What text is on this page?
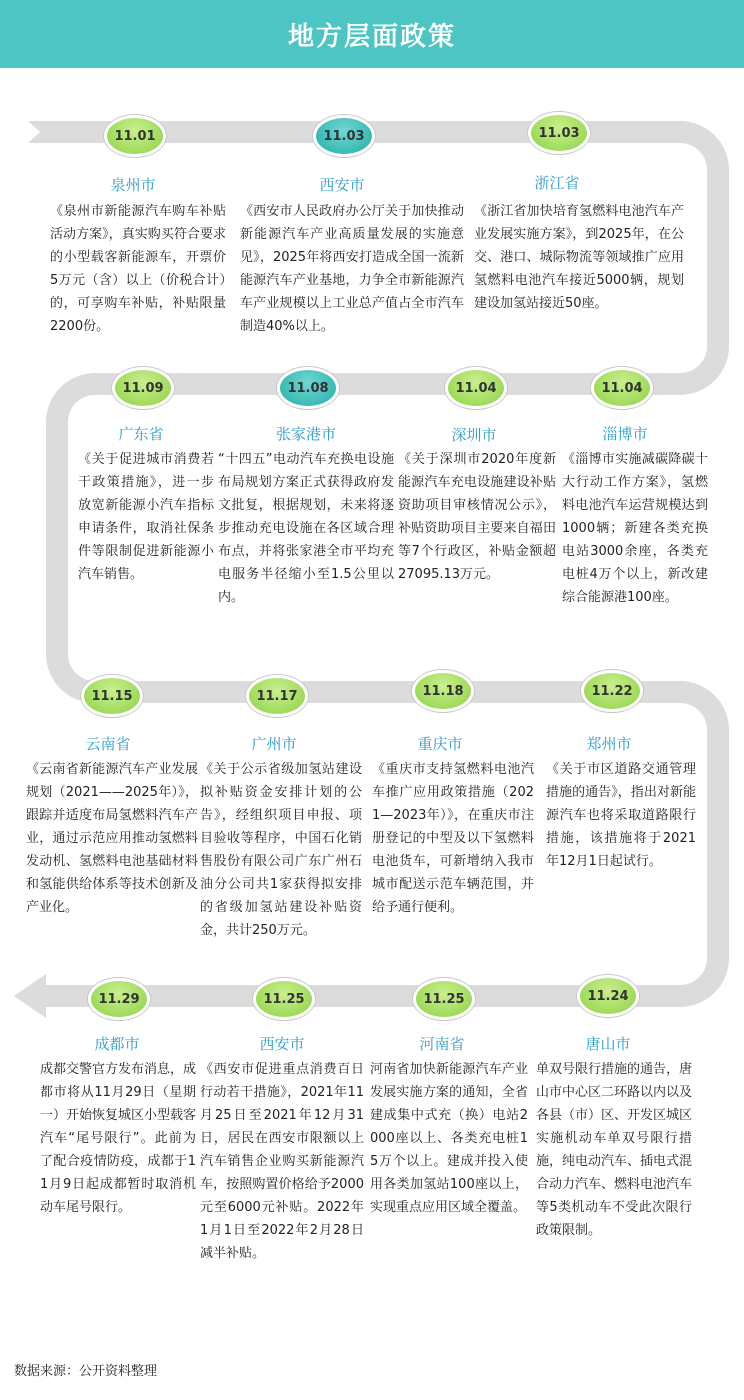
地方层面政策
11.01	11.03	11.03
泉州市	西安市	浙江省
《泉州市新能源汽车购车补贴活动方案》，真实购买符合要求的小型载客新能源车，开票价5万元（含）以上（价税合计）的，可享购车补贴，补贴限量2200份。
《西安市人民政府办公厅关于加快推动新能源汽车产业高质量发展的实施意见》，2025年将西安打造成全国一流新能源汽车产业基地，力争全市新能源汽车产业规模以上工业总产值占全市汽车制造40%以上。
《浙江省加快培育氢燃料电池汽车产业发展实施方案》，到2025年，在公交、港口、城际物流等领域推广应用氢燃料电池汽车接近5000辆，规划建设加氢站接近50座。
11.09	11.08	11.04	11.04
广东省	张家港市	深圳市	淄博市
《关于促进城市消费若干政策措施》，进一步放宽新能源小汽车指标申请条件，取消社保条件等限制促进新能源小汽车销售。
“十四五”电动汽车充换电设施布局规划方案正式获得政府发文批复，根据规划，未来将逐步推动充电设施在各区域合理布点，并将张家港全市平均充电服务半径缩小至1.5公里以内。
《关于深圳市2020年度新能源汽车充电设施建设补贴资助项目审核情况公示》，补贴资助项目主要来自福田等7个行政区，补贴金额超27095.13万元。
《淄博市实施减碳降碳十大行动工作方案》，氢燃料电池汽车运营规模达到1000辆；新建各类充换电站3000余座，各类充电桩4万个以上，新改建综合能源港100座。
11.15	11.17	11.18	11.22
云南省	广州市	重庆市	郑州市
《云南省新能源汽车产业发展规划（2021——2025年）》，跟踪并适度布局氢燃料汽车产业，通过示范应用推动氢燃料发动机、氢燃料电池基础材料和氢能供给体系等技术创新及产业化。
《关于公示省级加氢站建设拟补贴资金安排计划的公告》，经组织项目申报、项目验收等程序，中国石化销售股份有限公司广东广州石油分公司共1家获得拟安排的省级加氢站建设补贴资金，共计250万元。
《重庆市支持氢燃料电池汽车推广应用政策措施（2021—2023年）》，在重庆市注册登记的中型及以下氢燃料电池货车，可新增纳入我市城市配送示范车辆范围，并给予通行便利。
《关于市区道路交通管理措施的通告》，指出对新能源汽车也将采取道路限行措施，该措施将于2021年12月1日起试行。
11.29	11.25	11.25	11.24
成都市	西安市	河南省	唐山市
成都交警官方发布消息，成都市将从11月29日（星期一）开始恢复城区小型载客汽车“尾号限行”。此前为了配合疫情防疫，成都于11月9日起成都暂时取消机动车尾号限行。
《西安市促进重点消费百日行动若干措施》，2021年11月25日至2021年12月31日，居民在西安市限额以上汽车销售企业购买新能源汽车，按照购置价格给予2000元至6000元补贴。2022年1月1日至2022年2月28日减半补贴。
河南省加快新能源汽车产业发展实施方案的通知，全省建成集中式充（换）电站2000座以上、各类充电桩15万个以上。建成并投入使用各类加氢站100座以上，实现重点应用区域全覆盖。
单双号限行措施的通告，唐山市中心区二环路以内以及各县（市）区、开发区城区实施机动车单双号限行措施，纯电动汽车、插电式混合动力汽车、燃料电池汽车等5类机动车不受此次限行政策限制。
数据来源：公开资料整理
